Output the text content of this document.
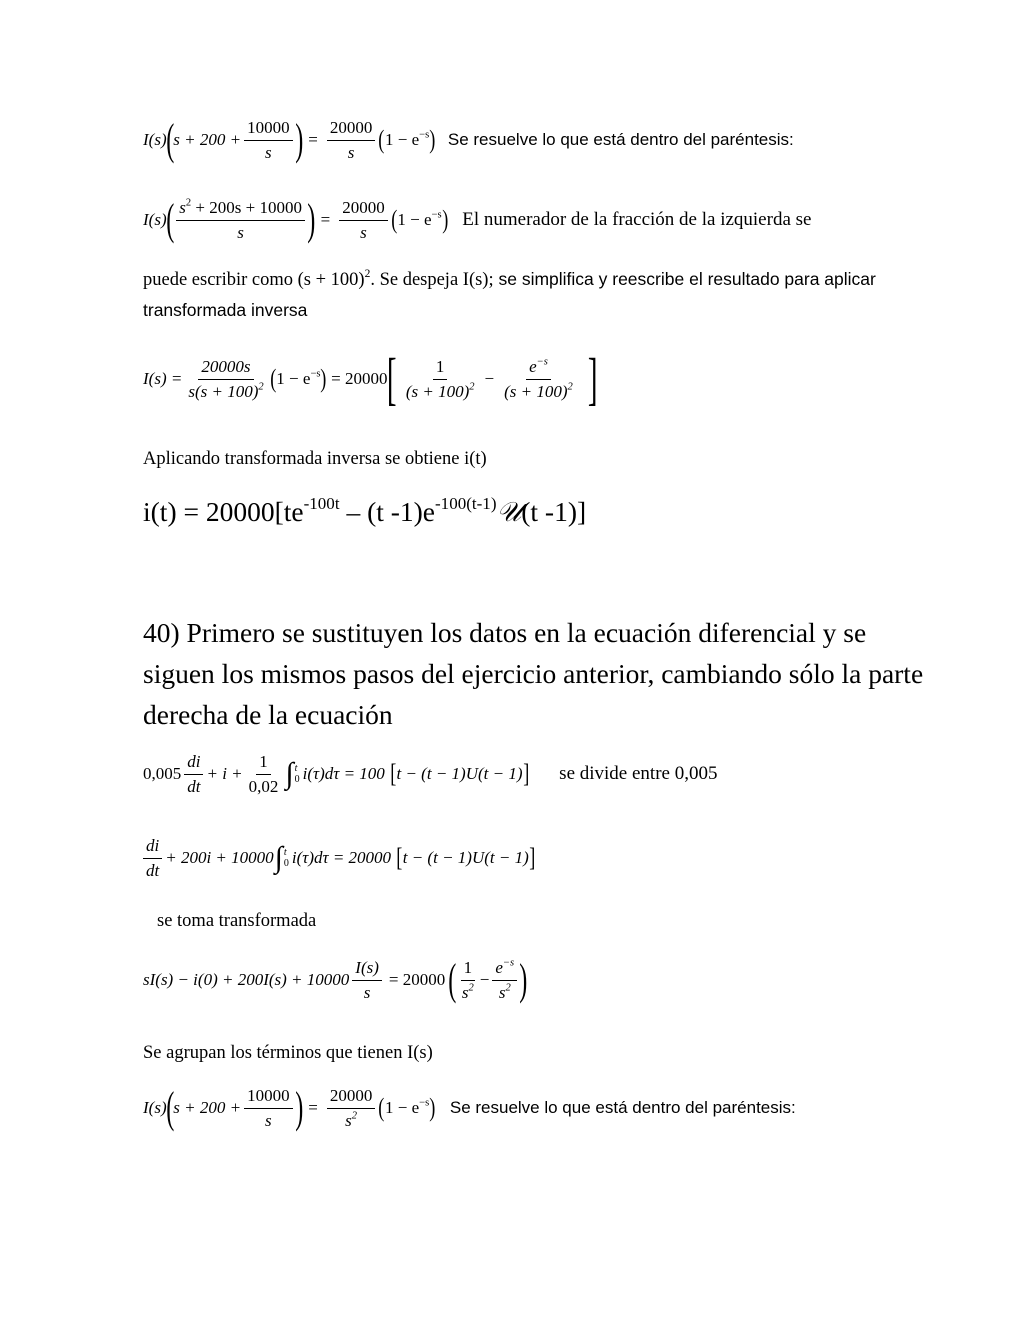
I(s) ( $s + 200 + \frac{10000}{s}$ ) = $\frac{20000}{s}$ ( $1 - e^{-s}$ ) Se resuelve lo que está dentro del paréntesis:
I(s) ( $\frac{s^2 + 200s + 10000}{s}$ ) = $\frac{20000}{s}$ ( $1 - e^{-s}$ ) El numerador de la fracción de la izquierda se
puede escribir como $(s + 100)^2$. Se despeja I(s); se simplifica y reescribe el resultado para aplicar transformada inversa
$I(s) = \frac{20000s}{s(s + 100)^2}$ ( $1 - e^{-s}$ ) = 20000
[ $\frac{1}{(s + 100)^2} - \frac{e^{-s}}{(s + 100)^2}$ ]
Aplicando transformada inversa se obtiene i(t)
$i(t) = 20000[te^{-100t} - (t$ $-1)e^{-100(t-1)}𝒰(t$ -1)]
40) Primero se sustituyen los datos en la ecuación diferencial y se siguen los mismos pasos del ejercicio anterior, cambiando sólo la parte derecha de la ecuación
$0,005 \frac{di}{dt} + i + \frac{1}{0,02}$ ∫ t
0 i(τ)dτ = 100 [ t − (t − 1)U(t − 1) ] se divide entre 0,005
$\frac{di}{dt} + 200i + 10000$ ∫ t
0 i(τ)dτ = 20000 [ t − (t − 1)U(t − 1) ]
se toma transformada
$sI(s) - i(0) + 200I(s) + 10000 \frac{I(s)}{s} = 20000$ ( $\frac{1}{s^2} - \frac{e^{-s}}{s^2}$ )
Se agrupan los términos que tienen I(s)
I(s) ( $s + 200 + \frac{10000}{s}$ ) = $\frac{20000}{s^2}$ ( $1 - e^{-s}$ ) Se resuelve lo que está dentro del paréntesis:
